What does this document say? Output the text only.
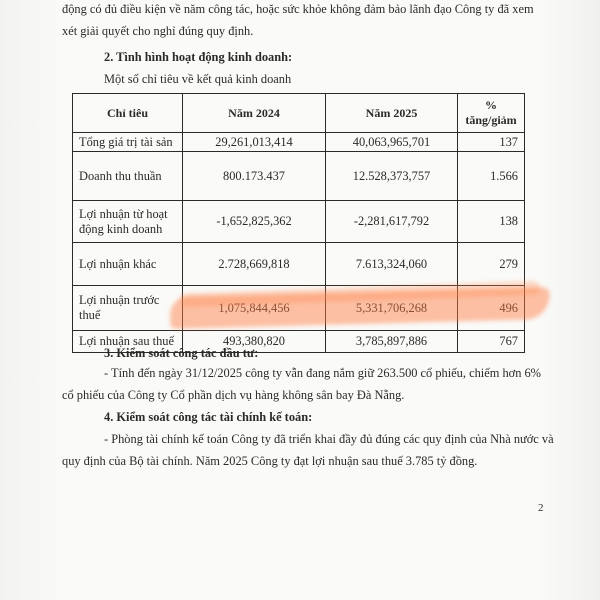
động có đủ điều kiện về năm công tác, hoặc sức khỏe không đảm bảo lãnh đạo Công ty đã xem
xét giải quyết cho nghỉ đúng quy định.
2. Tình hình hoạt động kinh doanh:
Một số chỉ tiêu về kết quả kinh doanh
Chỉ tiêu	Năm 2024	Năm 2025	%
tăng/giảm

Tổng giá trị tài sản	29,261,013,414	40,063,965,701	137
Doanh thu thuần	800.173.437	12.528,373,757	1.566
Lợi nhuận từ hoạt động kinh doanh	-1,652,825,362	-2,281,617,792	138
Lợi nhuận khác	2.728,669,818	7.613,324,060	279
Lợi nhuận trước thuế	1,075,844,456	5,331,706,268	496
Lợi nhuận sau thuế	493,380,820	3,785,897,886	767
3. Kiểm soát công tác đầu tư:
- Tính đến ngày 31/12/2025 công ty vẫn đang nắm giữ 263.500 cổ phiếu, chiếm hơn 6%
cổ phiếu của Công ty Cổ phần dịch vụ hàng không sân bay Đà Nẵng.
4. Kiểm soát công tác tài chính kế toán:
- Phòng tài chính kế toán Công ty đã triển khai đầy đủ đúng các quy định của Nhà nước và
quy định của Bộ tài chính. Năm 2025 Công ty đạt lợi nhuận sau thuế 3.785 tỷ đồng.
2
